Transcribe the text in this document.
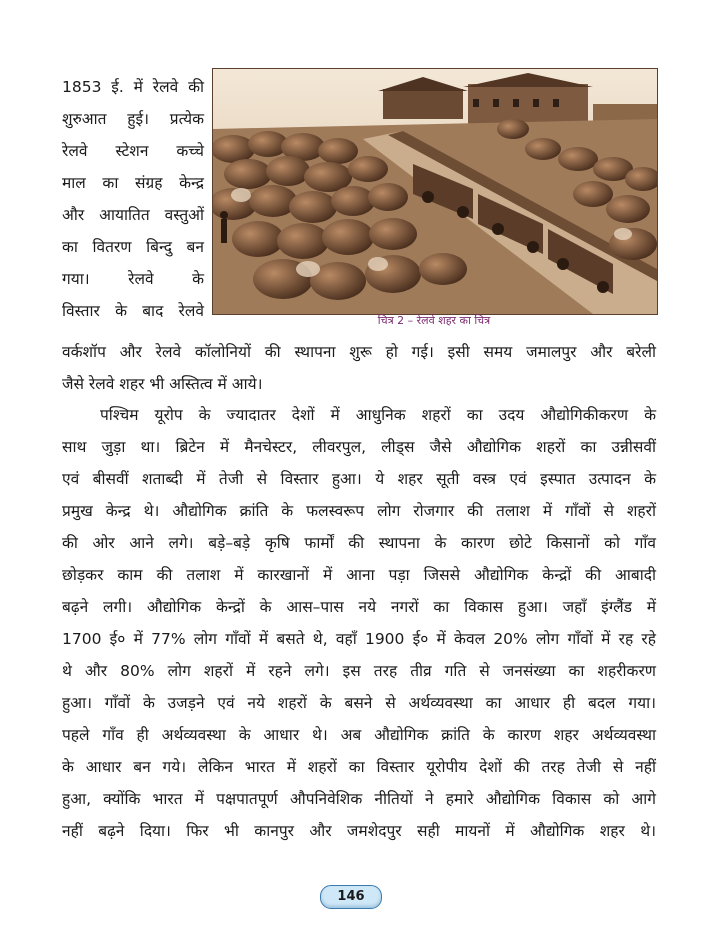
1853 ई. में रेलवे की
शुरुआत हुई। प्रत्येक
रेलवे स्टेशन कच्चे
माल का संग्रह केन्द्र
और आयातित वस्तुओं
का वितरण बिन्दु बन
गया। रेलवे के
विस्तार के बाद रेलवे
चित्र 2 – रेलवे शहर का चित्र
वर्कशॉप और रेलवे कॉलोनियों की स्थापना शुरू हो गई। इसी समय जमालपुर और बरेली
जैसे रेलवे शहर भी अस्तित्व में आये।
पश्चिम यूरोप के ज्यादातर देशों में आधुनिक शहरों का उदय औद्योगिकीकरण के
साथ जुड़ा था। ब्रिटेन में मैनचेस्टर, लीवरपुल, लीड्स जैसे औद्योगिक शहरों का उन्नीसवीं
एवं बीसवीं शताब्दी में तेजी से विस्तार हुआ। ये शहर सूती वस्त्र एवं इस्पात उत्पादन के
प्रमुख केन्द्र थे। औद्योगिक क्रांति के फलस्वरूप लोग रोजगार की तलाश में गाँवों से शहरों
की ओर आने लगे। बड़े–बड़े कृषि फार्मों की स्थापना के कारण छोटे किसानों को गाँव
छोड़कर काम की तलाश में कारखानों में आना पड़ा जिससे औद्योगिक केन्द्रों की आबादी
बढ़ने लगी। औद्योगिक केन्द्रों के आस–पास नये नगरों का विकास हुआ। जहाँ इंग्लैंड में
1700 ई० में 77% लोग गाँवों में बसते थे, वहाँ 1900 ई० में केवल 20% लोग गाँवों में रह रहे
थे और 80% लोग शहरों में रहने लगे। इस तरह तीव्र गति से जनसंख्या का शहरीकरण
हुआ। गाँवों के उजड़ने एवं नये शहरों के बसने से अर्थव्यवस्था का आधार ही बदल गया।
पहले गाँव ही अर्थव्यवस्था के आधार थे। अब औद्योगिक क्रांति के कारण शहर अर्थव्यवस्था
के आधार बन गये। लेकिन भारत में शहरों का विस्तार यूरोपीय देशों की तरह तेजी से नहीं
हुआ, क्योंकि भारत में पक्षपातपूर्ण औपनिवेशिक नीतियों ने हमारे औद्योगिक विकास को आगे
नहीं बढ़ने दिया। फिर भी कानपुर और जमशेदपुर सही मायनों में औद्योगिक शहर थे।
146
